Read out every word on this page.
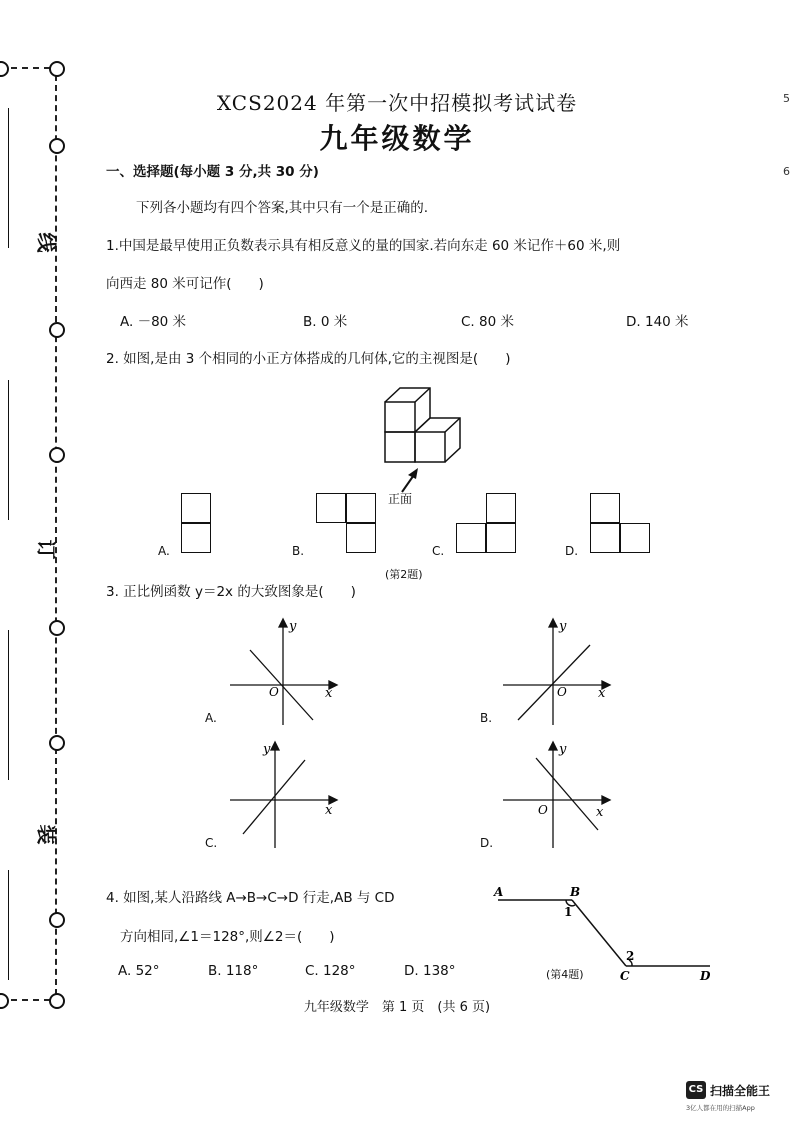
线
订
装
5
6
XCS2024 年第一次中招模拟考试试卷
九年级数学
一、选择题(每小题 3 分,共 30 分)
下列各小题均有四个答案,其中只有一个是正确的.
1.中国是最早使用正负数表示具有相反意义的量的国家.若向东走 60 米记作＋60 米,则
向西走 80 米可记作(　　)
A. －80 米	B. 0 米	C. 80 米	D. 140 米
2. 如图,是由 3 个相同的小正方体搭成的几何体,它的主视图是(　　)
正面
A.	B.	C.	D.
(第2题)
3. 正比例函数 y＝2x 的大致图象是(　　)
y
x
O
A.
y
x
O
B.
y
x
C.
y
x
O
D.
4. 如图,某人沿路线 A→B→C→D 行走,AB 与 CD
方向相同,∠1＝128°,则∠2＝(　　)
A. 52°	B. 118°	C. 128°	D. 138°
A	B
C	D
1
2
(第4题)
九年级数学　第 1 页　(共 6 页)
CS 扫描全能王
3亿人都在用的扫描App
